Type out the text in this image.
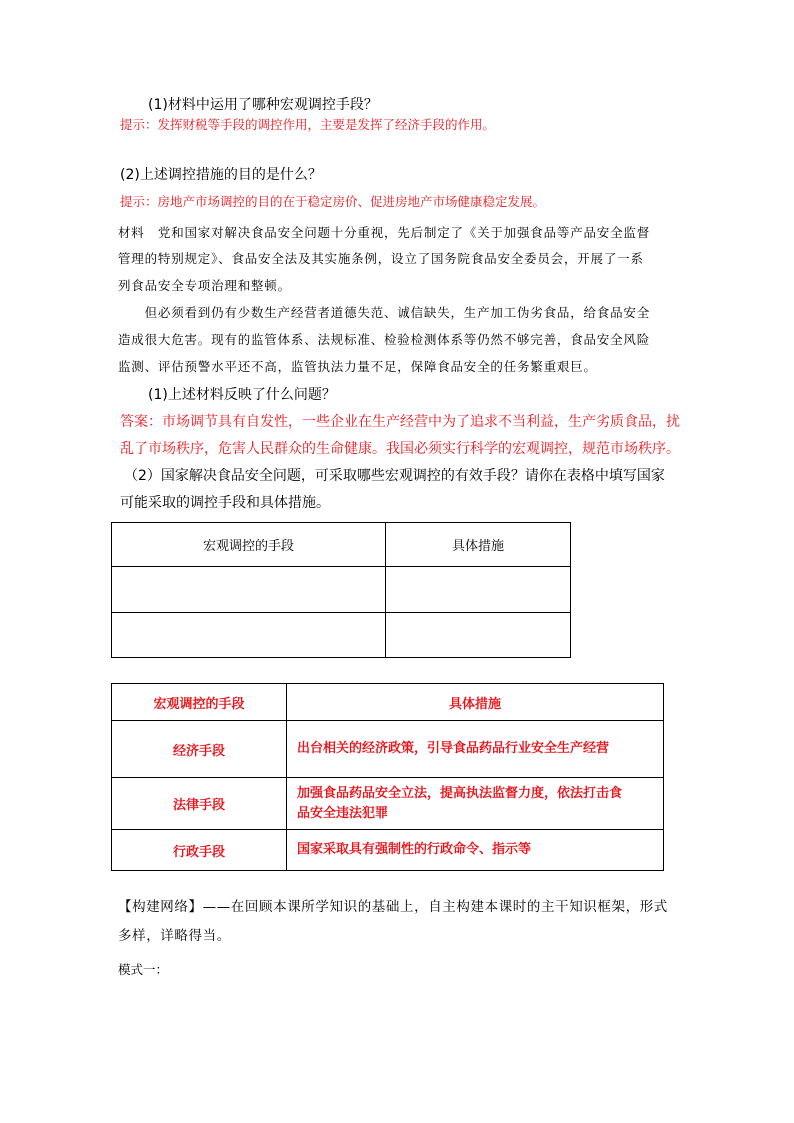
(1)材料中运用了哪种宏观调控手段？
提示：发挥财税等手段的调控作用，主要是发挥了经济手段的作用。
(2)上述调控措施的目的是什么？
提示：房地产市场调控的目的在于稳定房价、促进房地产市场健康稳定发展。
材料　党和国家对解决食品安全问题十分重视，先后制定了《关于加强食品等产品安全监督
管理的特别规定》、食品安全法及其实施条例，设立了国务院食品安全委员会，开展了一系
列食品安全专项治理和整顿。
　　但必须看到仍有少数生产经营者道德失范、诚信缺失，生产加工伪劣食品，给食品安全
造成很大危害。现有的监管体系、法规标准、检验检测体系等仍然不够完善，食品安全风险
监测、评估预警水平还不高，监管执法力量不足，保障食品安全的任务繁重艰巨。
(1)上述材料反映了什么问题？
答案：市场调节具有自发性，一些企业在生产经营中为了追求不当利益，生产劣质食品，扰
乱了市场秩序，危害人民群众的生命健康。我国必须实行科学的宏观调控，规范市场秩序。
（2）国家解决食品安全问题，可采取哪些宏观调控的有效手段？请你在表格中填写国家
可能采取的调控手段和具体措施。
宏观调控的手段	具体措施

宏观调控的手段	具体措施
经济手段	出台相关的经济政策，引导食品药品行业安全生产经营
法律手段	加强食品药品安全立法，提高执法监督力度，依法打击食
品安全违法犯罪

行政手段	国家采取具有强制性的行政命令、指示等
【构建网络】——在回顾本课所学知识的基础上，自主构建本课时的主干知识框架，形式
多样，详略得当。
模式一：
